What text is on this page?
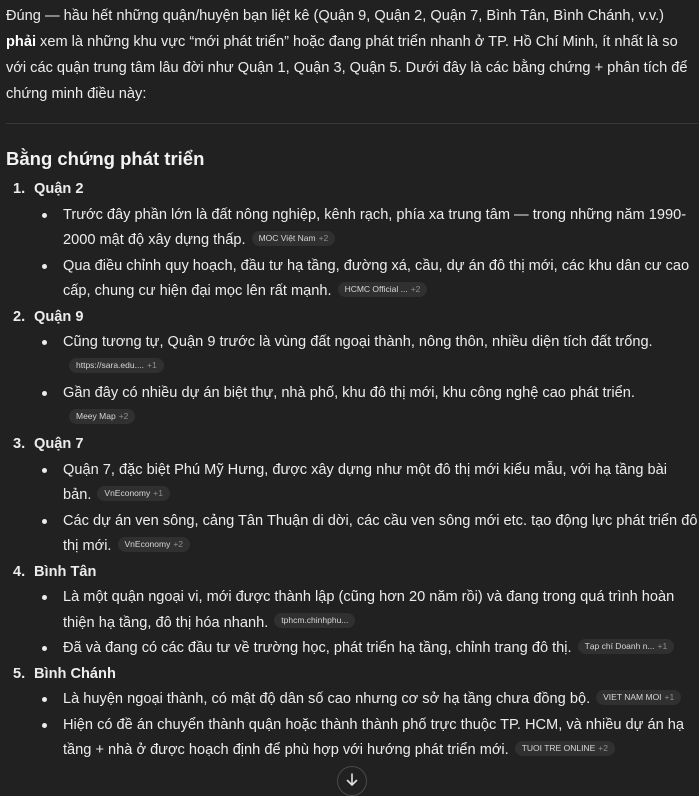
Đúng — hầu hết những quận/huyện bạn liệt kê (Quận 9, Quận 2, Quận 7, Bình Tân, Bình Chánh, v.v.) phải xem là những khu vực “mới phát triển” hoặc đang phát triển nhanh ở TP. Hồ Chí Minh, ít nhất là so với các quận trung tâm lâu đời như Quận 1, Quận 3, Quận 5. Dưới đây là các bằng chứng + phân tích để chứng minh điều này:

Bằng chứng phát triển
1. Quận 2
Trước đây phần lớn là đất nông nghiệp, kênh rạch, phía xa trung tâm — trong những năm 1990-2000 mật độ xây dựng thấp. MOC Việt Nam +2
Qua điều chỉnh quy hoạch, đầu tư hạ tầng, đường xá, cầu, dự án đô thị mới, các khu dân cư cao cấp, chung cư hiện đại mọc lên rất mạnh. HCMC Official ... +2
2. Quận 9
Cũng tương tự, Quận 9 trước là vùng đất ngoại thành, nông thôn, nhiều diện tích đất trống.https://sara.edu.... +1
Gần đây có nhiều dự án biệt thự, nhà phố, khu đô thị mới, khu công nghệ cao phát triển.Meey Map +2
3. Quận 7
Quận 7, đặc biệt Phú Mỹ Hưng, được xây dựng như một đô thị mới kiểu mẫu, với hạ tầng bài bản. VnEconomy +1
Các dự án ven sông, cảng Tân Thuận di dời, các cầu ven sông mới etc. tạo động lực phát triển đô thị mới. VnEconomy +2
4. Bình Tân
Là một quận ngoại vi, mới được thành lập (cũng hơn 20 năm rồi) và đang trong quá trình hoàn thiện hạ tầng, đô thị hóa nhanh. tphcm.chinhphu...
Đã và đang có các đầu tư về trường học, phát triển hạ tầng, chỉnh trang đô thị. Tạp chí Doanh n... +1
5. Bình Chánh
Là huyện ngoại thành, có mật độ dân số cao nhưng cơ sở hạ tầng chưa đồng bộ. VIET NAM MOI +1
Hiện có đề án chuyển thành quận hoặc thành thành phố trực thuộc TP. HCM, và nhiều dự án hạ tầng + nhà ở được hoạch định để phù hợp với hướng phát triển mới. TUOI TRE ONLINE +2
